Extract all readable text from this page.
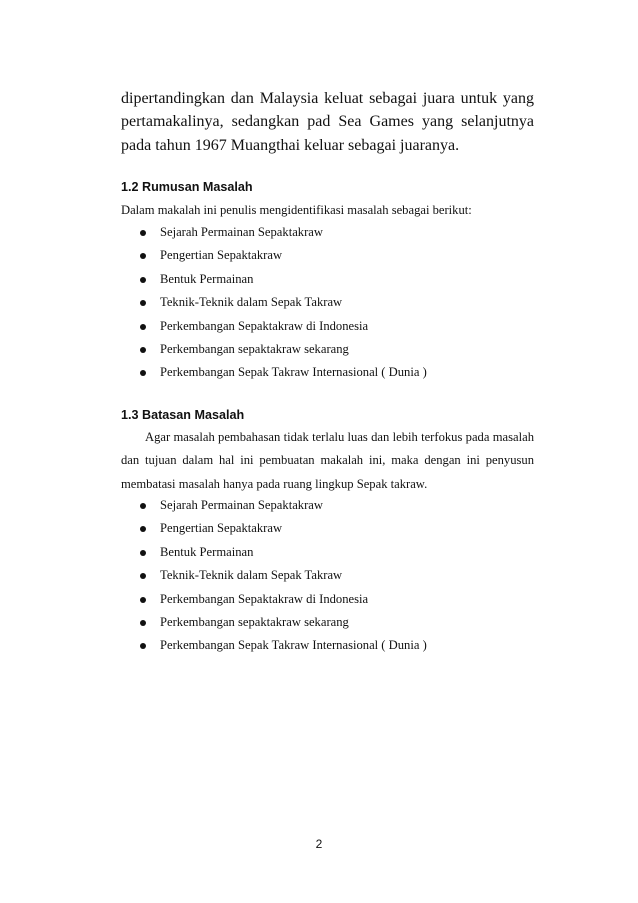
dipertandingkan dan Malaysia keluat sebagai juara untuk yang pertamakalinya, sedangkan pad Sea Games yang selanjutnya pada tahun 1967 Muangthai keluar sebagai juaranya.

1.2 Rumusan Masalah

Dalam makalah ini penulis mengidentifikasi masalah sebagai berikut:

Sejarah Permainan Sepaktakraw
Pengertian Sepaktakraw
Bentuk Permainan
Teknik-Teknik dalam Sepak Takraw
Perkembangan Sepaktakraw di Indonesia
Perkembangan sepaktakraw sekarang
Perkembangan Sepak Takraw Internasional ( Dunia )
1.3 Batasan Masalah

Agar masalah pembahasan tidak terlalu luas dan lebih terfokus pada masalah dan tujuan dalam hal ini pembuatan makalah ini, maka dengan ini penyusun membatasi masalah hanya pada ruang lingkup Sepak takraw.

Sejarah Permainan Sepaktakraw
Pengertian Sepaktakraw
Bentuk Permainan
Teknik-Teknik dalam Sepak Takraw
Perkembangan Sepaktakraw di Indonesia
Perkembangan sepaktakraw sekarang
Perkembangan Sepak Takraw Internasional ( Dunia )
2
